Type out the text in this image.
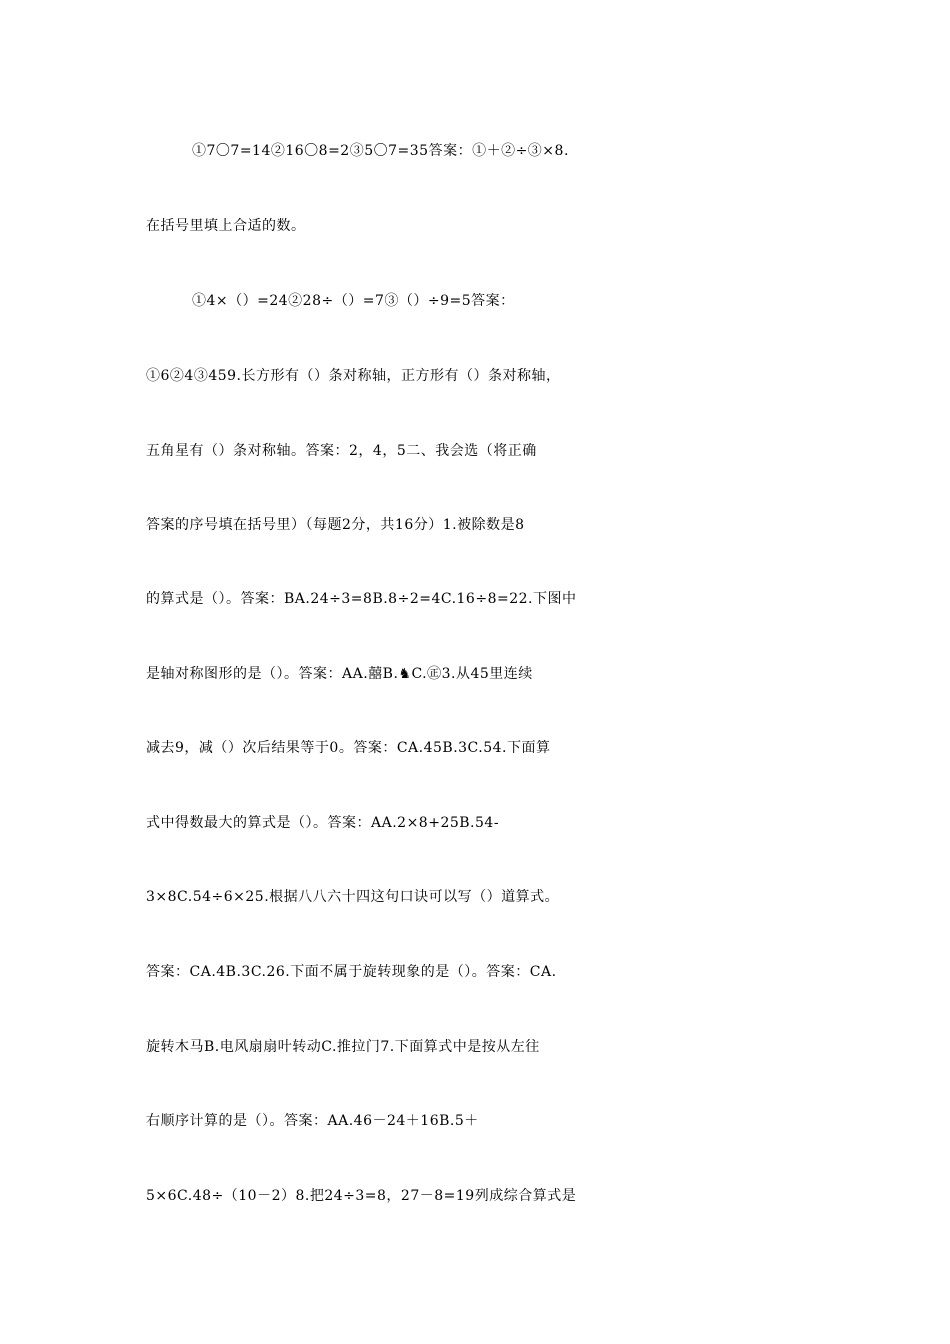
①7〇7=14②16〇8=2③5〇7=35答案：①＋②÷③×8.
在括号里填上合适的数。
①4×（）=24②28÷（）=7③（）÷9=5答案：
①6②4③459.长方形有（）条对称轴，正方形有（）条对称轴，
五角星有（）条对称轴。答案：2，4，5二、我会选（将正确
答案的序号填在括号里）（每题2分，共16分）1.被除数是8
的算式是（）。答案：BA.24÷3=8B.8÷2=4C.16÷8=22.下图中
是轴对称图形的是（）。答案：AA.囍B.♞C.㊣3.从45里连续
减去9，减（）次后结果等于0。答案：CA.45B.3C.54.下面算
式中得数最大的算式是（）。答案：AA.2×8+25B.54-
3×8C.54÷6×25.根据八八六十四这句口诀可以写（）道算式。
答案：CA.4B.3C.26.下面不属于旋转现象的是（）。答案：CA.
旋转木马B.电风扇扇叶转动C.推拉门7.下面算式中是按从左往
右顺序计算的是（）。答案：AA.46－24＋16B.5＋
5×6C.48÷（10－2）8.把24÷3=8，27－8=19列成综合算式是
